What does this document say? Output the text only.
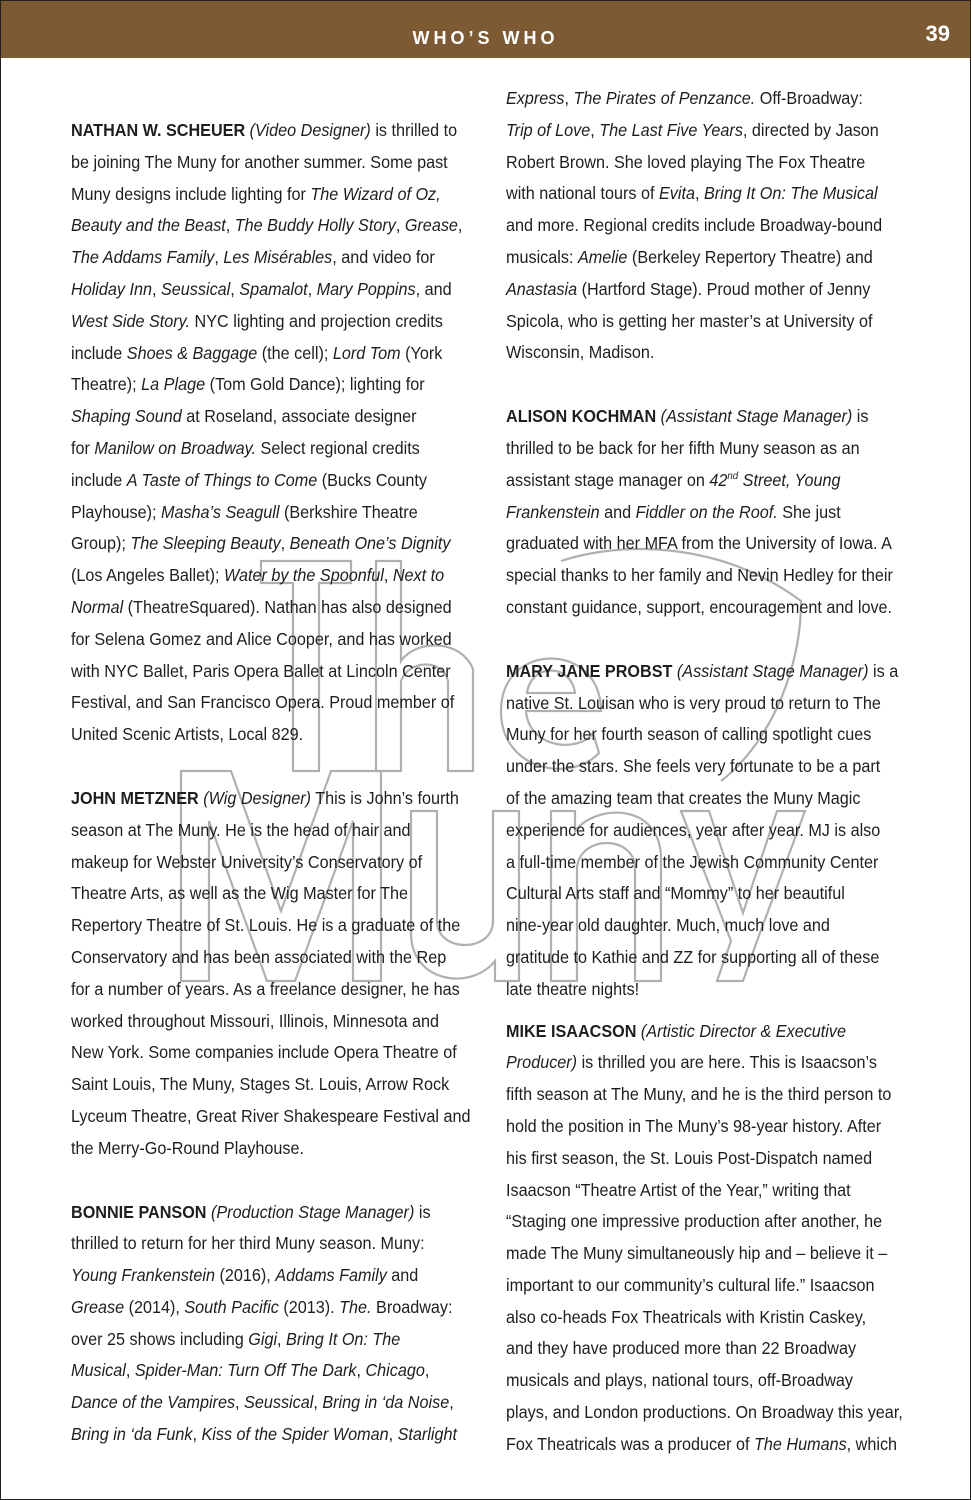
WHO’S WHO	39
NATHAN W. SCHEUER (Video Designer) is thrilled to
be joining The Muny for another summer. Some past
Muny designs include lighting for The Wizard of Oz,
Beauty and the Beast, The Buddy Holly Story, Grease,
The Addams Family, Les Misérables, and video for
Holiday Inn, Seussical, Spamalot, Mary Poppins, and
West Side Story. NYC lighting and projection credits
include Shoes & Baggage (the cell); Lord Tom (York
Theatre); La Plage (Tom Gold Dance); lighting for
Shaping Sound at Roseland, associate designer
for Manilow on Broadway. Select regional credits
include A Taste of Things to Come (Bucks County
Playhouse); Masha’s Seagull (Berkshire Theatre
Group); The Sleeping Beauty, Beneath One’s Dignity
(Los Angeles Ballet); Water by the Spoonful, Next to
Normal (TheatreSquared). Nathan has also designed
for Selena Gomez and Alice Cooper, and has worked
with NYC Ballet, Paris Opera Ballet at Lincoln Center
Festival, and San Francisco Opera. Proud member of
United Scenic Artists, Local 829.
JOHN METZNER (Wig Designer) This is John’s fourth
season at The Muny. He is the head of hair and
makeup for Webster University’s Conservatory of
Theatre Arts, as well as the Wig Master for The
Repertory Theatre of St. Louis. He is a graduate of the
Conservatory and has been associated with the Rep
for a number of years. As a freelance designer, he has
worked throughout Missouri, Illinois, Minnesota and
New York. Some companies include Opera Theatre of
Saint Louis, The Muny, Stages St. Louis, Arrow Rock
Lyceum Theatre, Great River Shakespeare Festival and
the Merry-Go-Round Playhouse.
BONNIE PANSON (Production Stage Manager) is
thrilled to return for her third Muny season. Muny:
Young Frankenstein (2016), Addams Family and
Grease (2014), South Pacific (2013). The. Broadway:
over 25 shows including Gigi, Bring It On: The
Musical, Spider-Man: Turn Off The Dark, Chicago,
Dance of the Vampires, Seussical, Bring in ‘da Noise,
Bring in ‘da Funk, Kiss of the Spider Woman, Starlight
Express, The Pirates of Penzance. Off-Broadway:
Trip of Love, The Last Five Years, directed by Jason
Robert Brown. She loved playing The Fox Theatre
with national tours of Evita, Bring It On: The Musical
and more. Regional credits include Broadway-bound
musicals: Amelie (Berkeley Repertory Theatre) and
Anastasia (Hartford Stage). Proud mother of Jenny
Spicola, who is getting her master’s at University of
Wisconsin, Madison.
ALISON KOCHMAN (Assistant Stage Manager) is
thrilled to be back for her fifth Muny season as an
assistant stage manager on 42nd Street, Young
Frankenstein and Fiddler on the Roof. She just
graduated with her MFA from the University of Iowa. A
special thanks to her family and Nevin Hedley for their
constant guidance, support, encouragement and love.
MARY JANE PROBST (Assistant Stage Manager) is a
native St. Louisan who is very proud to return to The
Muny for her fourth season of calling spotlight cues
under the stars. She feels very fortunate to be a part
of the amazing team that creates the Muny Magic
experience for audiences, year after year. MJ is also
a full-time member of the Jewish Community Center
Cultural Arts staff and “Mommy” to her beautiful
nine-year old daughter. Much, much love and
gratitude to Kathie and ZZ for supporting all of these
late theatre nights!
MIKE ISAACSON (Artistic Director & Executive
Producer) is thrilled you are here. This is Isaacson’s
fifth season at The Muny, and he is the third person to
hold the position in The Muny’s 98-year history. After
his first season, the St. Louis Post-Dispatch named
Isaacson “Theatre Artist of the Year,” writing that
“Staging one impressive production after another, he
made The Muny simultaneously hip and – believe it –
important to our community’s cultural life.” Isaacson
also co-heads Fox Theatricals with Kristin Caskey,
and they have produced more than 22 Broadway
musicals and plays, national tours, off-Broadway
plays, and London productions. On Broadway this year,
Fox Theatricals was a producer of The Humans, which
